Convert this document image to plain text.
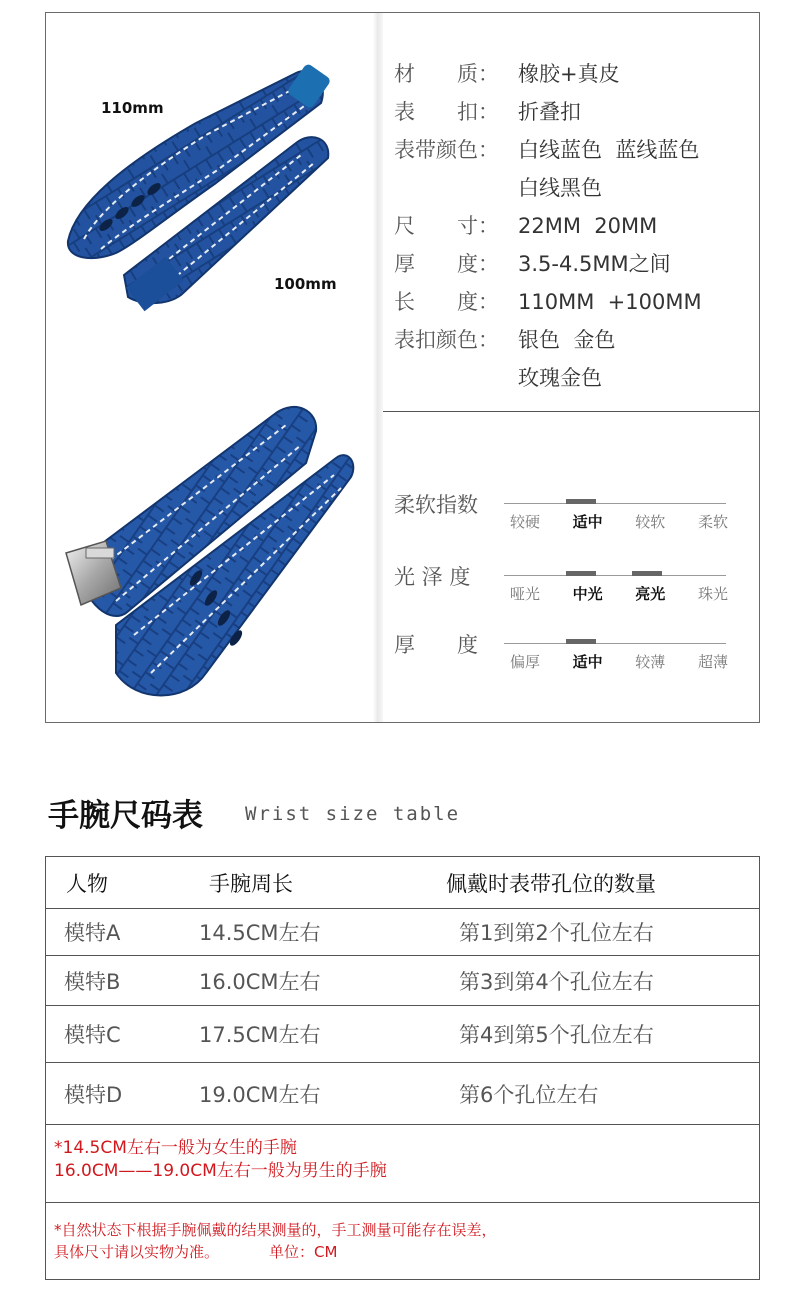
110mm
100mm
材　　质： 橡胶+真皮
表　　扣： 折叠扣
表带颜色： 白线蓝色  蓝线蓝色
白线黑色
尺　　寸： 22MM  20MM
厚　　度： 3.5-4.5MM之间
长　　度： 110MM  +100MM
表扣颜色： 银色  金色
玫瑰金色
柔软指数
较硬	适中	较软	柔软
光 泽 度
哑光	中光	亮光	珠光
厚　　度
偏厚	适中	较薄	超薄
手腕尺码表 Wrist size table
人物	手腕周长	佩戴时表带孔位的数量
模特A	14.5CM左右	第1到第2个孔位左右
模特B	16.0CM左右	第3到第4个孔位左右
模特C	17.5CM左右	第4到第5个孔位左右
模特D	19.0CM左右	第6个孔位左右
*14.5CM左右一般为女生的手腕
16.0CM——19.0CM左右一般为男生的手腕
*自然状态下根据手腕佩戴的结果测量的，手工测量可能存在误差，
具体尺寸请以实物为准。	单位：CM
